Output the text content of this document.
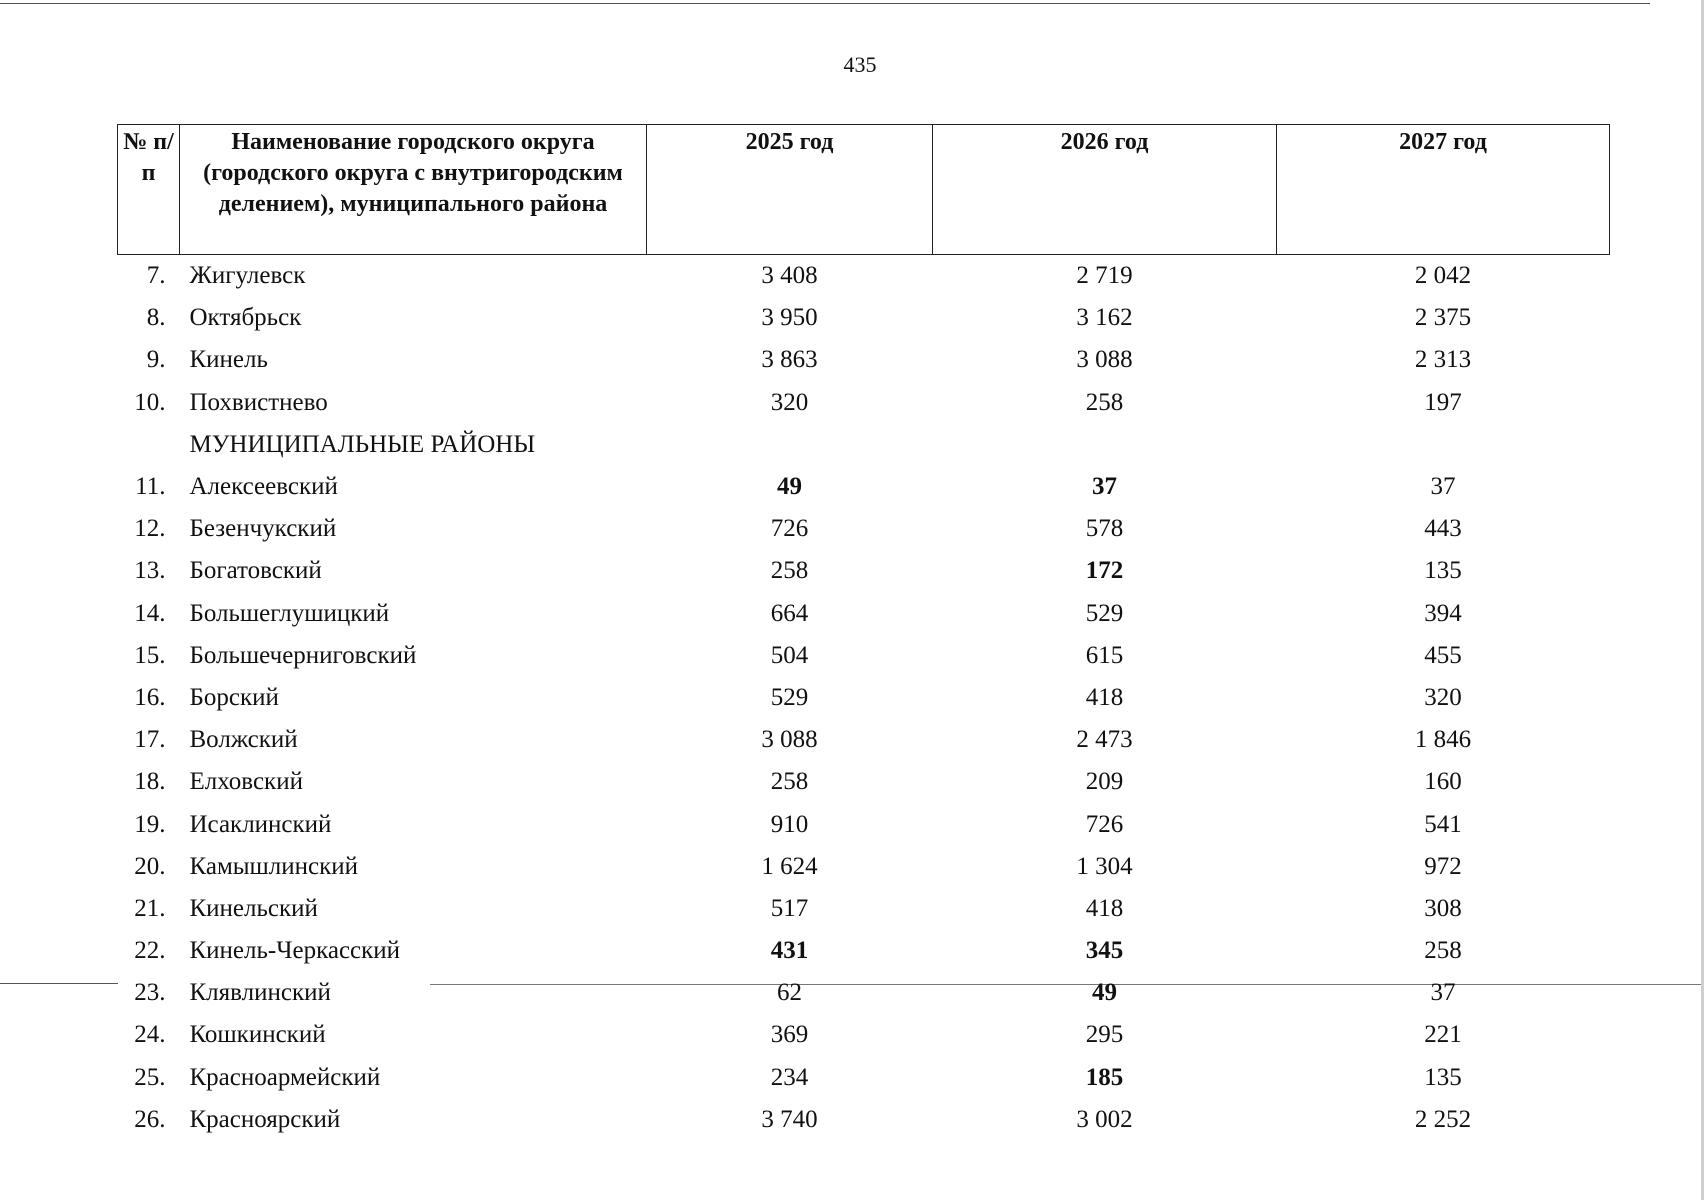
435
№ п/п	Наименование городского округа (городского округа с внутригородским делением), муниципального района	2025 год	2026 год	2027 год
7.	Жигулевск	3 408	2 719	2 042
8.	Октябрьск	3 950	3 162	2 375
9.	Кинель	3 863	3 088	2 313
10.	Похвистнево	320	258	197
	МУНИЦИПАЛЬНЫЕ РАЙОНЫ			
11.	Алексеевский	49	37	37
12.	Безенчукский	726	578	443
13.	Богатовский	258	172	135
14.	Большеглушицкий	664	529	394
15.	Большечерниговский	504	615	455
16.	Борский	529	418	320
17.	Волжский	3 088	2 473	1 846
18.	Елховский	258	209	160
19.	Исаклинский	910	726	541
20.	Камышлинский	1 624	1 304	972
21.	Кинельский	517	418	308
22.	Кинель-Черкасский	431	345	258
23.	Клявлинский	62	49	37
24.	Кошкинский	369	295	221
25.	Красноармейский	234	185	135
26.	Красноярский	3 740	3 002	2 252
